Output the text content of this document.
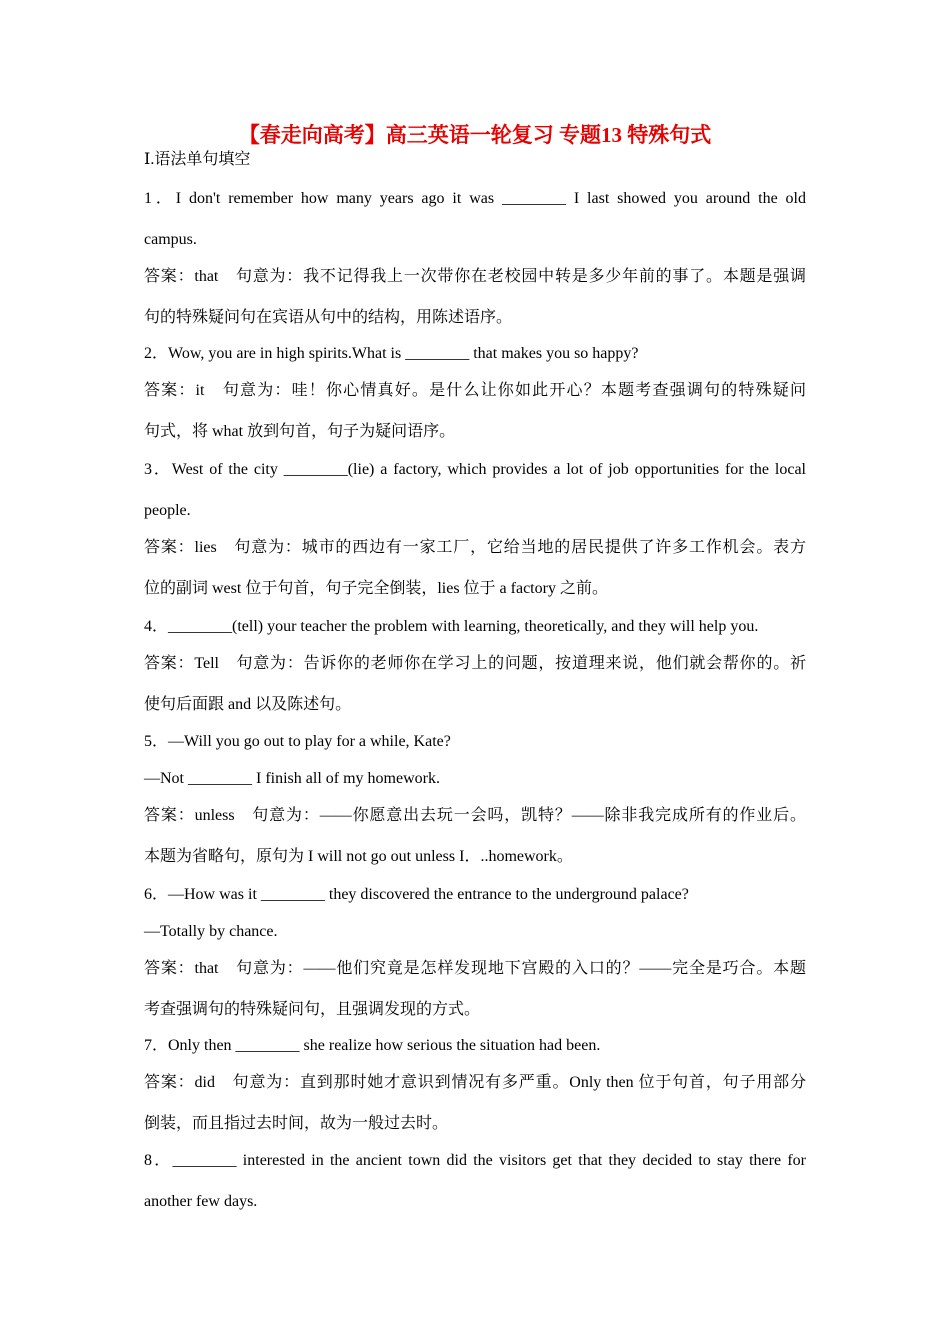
【春走向高考】高三英语一轮复习 专题13 特殊句式
Ⅰ.语法单句填空
1．I don't remember how many years ago it was ________ I last showed you around the old
campus.
答案：that　句意为：我不记得我上一次带你在老校园中转是多少年前的事了。本题是强调
句的特殊疑问句在宾语从句中的结构，用陈述语序。
2．Wow, you are in high spirits.What is ________ that makes you so happy?
答案：it　句意为：哇！你心情真好。是什么让你如此开心？本题考查强调句的特殊疑问
句式，将 what 放到句首，句子为疑问语序。
3．West of the city ________(lie) a factory, which provides a lot of job opportunities for the local
people.
答案：lies　句意为：城市的西边有一家工厂，它给当地的居民提供了许多工作机会。表方
位的副词 west 位于句首，句子完全倒装，lies 位于 a factory 之前。
4．________(tell) your teacher the problem with learning, theoretically, and they will help you.
答案：Tell　句意为：告诉你的老师你在学习上的问题，按道理来说，他们就会帮你的。祈
使句后面跟 and 以及陈述句。
5．—Will you go out to play for a while, Kate?
—Not ________ I finish all of my homework.
答案：unless　句意为：——你愿意出去玩一会吗，凯特？——除非我完成所有的作业后。
本题为省略句，原句为 I will not go out unless I．..homework。
6．—How was it ________ they discovered the entrance to the underground palace?
—Totally by chance.
答案：that　句意为：——他们究竟是怎样发现地下宫殿的入口的？——完全是巧合。本题
考查强调句的特殊疑问句，且强调发现的方式。
7．Only then ________ she realize how serious the situation had been.
答案：did　句意为：直到那时她才意识到情况有多严重。Only then 位于句首，句子用部分
倒装，而且指过去时间，故为一般过去时。
8．________ interested in the ancient town did the visitors get that they decided to stay there for
another few days.
